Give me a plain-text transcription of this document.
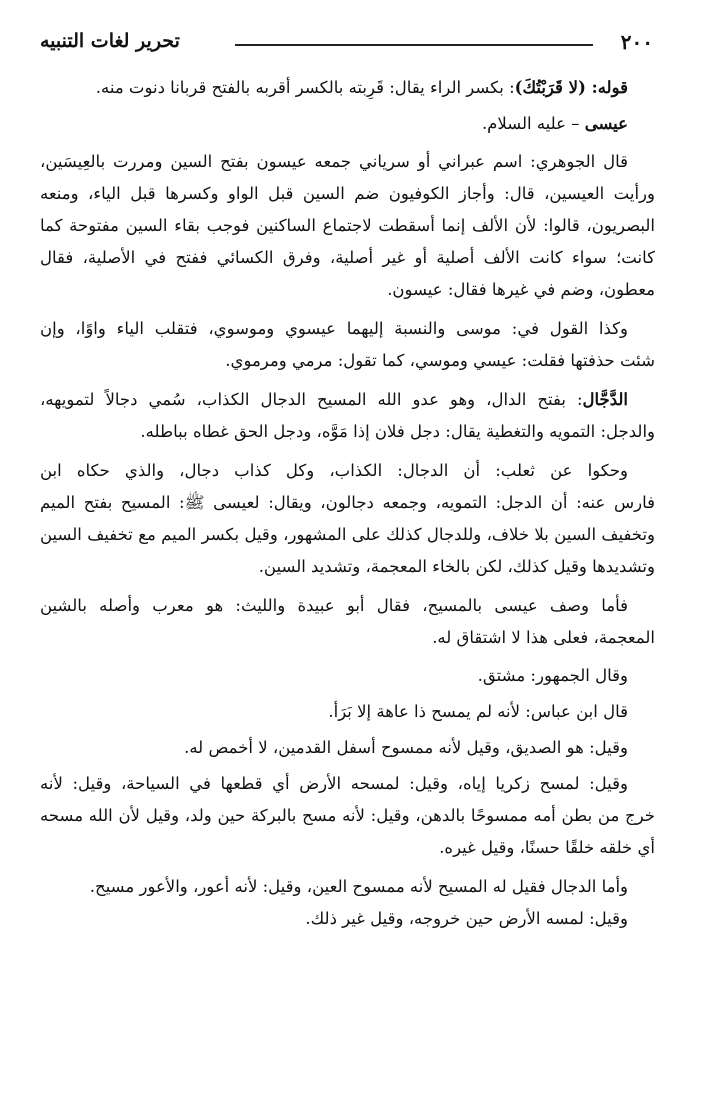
٢٠٠
تحرير لغات التنبيه
قوله: (لا قَرَبْتُكَ): بكسر الراء يقال: قَرِبته بالكسر أقربه بالفتح قربانا دنوت منه.
عيسى – عليه السلام.
قال الجوهري: اسم عبراني أو سرياني جمعه عيسون بفتح السين ومررت بالعِيسَين،
ورأيت العيسين، قال: وأجاز الكوفيون ضم السين قبل الواو وكسرها قبل الياء، ومنعه
البصريون، قالوا: لأن الألف إنما أسقطت لاجتماع الساكنين فوجب بقاء السين مفتوحة كما
كانت؛ سواء كانت الألف أصلية أو غير أصلية، وفرق الكسائي ففتح في الأصلية، فقال
معطون، وضم في غيرها فقال: عيسون.
وكذا القول في: موسى والنسبة إليهما عيسوي وموسوي، فتقلب الياء واوًا، وإن
شئت حذفتها فقلت: عيسي وموسي، كما تقول: مرمي ومرموي.
الدَّجَّال: بفتح الدال، وهو عدو الله المسيح الدجال الكذاب، سُمي دجالاً لتمويهه،
والدجل: التمويه والتغطية يقال: دجل فلان إذا مَوَّه، ودجل الحق غطاه بباطله.
وحكوا عن ثعلب: أن الدجال: الكذاب، وكل كذاب دجال، والذي حكاه ابن
فارس عنه: أن الدجل: التمويه، وجمعه دجالون، ويقال: لعيسى ﷺ: المسيح بفتح الميم
وتخفيف السين بلا خلاف، وللدجال كذلك على المشهور، وقيل بكسر الميم مع تخفيف السين
وتشديدها وقيل كذلك، لكن بالخاء المعجمة، وتشديد السين.
فأما وصف عيسى بالمسيح، فقال أبو عبيدة والليث: هو معرب وأصله بالشين
المعجمة، فعلى هذا لا اشتقاق له.
وقال الجمهور: مشتق.
قال ابن عباس: لأنه لم يمسح ذا عاهة إلا بَرَأ.
وقيل: هو الصديق، وقيل لأنه ممسوح أسفل القدمين، لا أخمص له.
وقيل: لمسح زكريا إياه، وقيل: لمسحه الأرض أي قطعها في السياحة، وقيل: لأنه
خرج من بطن أمه ممسوحًا بالدهن، وقيل: لأنه مسح بالبركة حين ولد، وقيل لأن الله مسحه
أي خلقه خلقًا حسنًا، وقيل غيره.
وأما الدجال فقيل له المسيح لأنه ممسوح العين، وقيل: لأنه أعور، والأعور مسيح.
وقيل: لمسه الأرض حين خروجه، وقيل غير ذلك.
